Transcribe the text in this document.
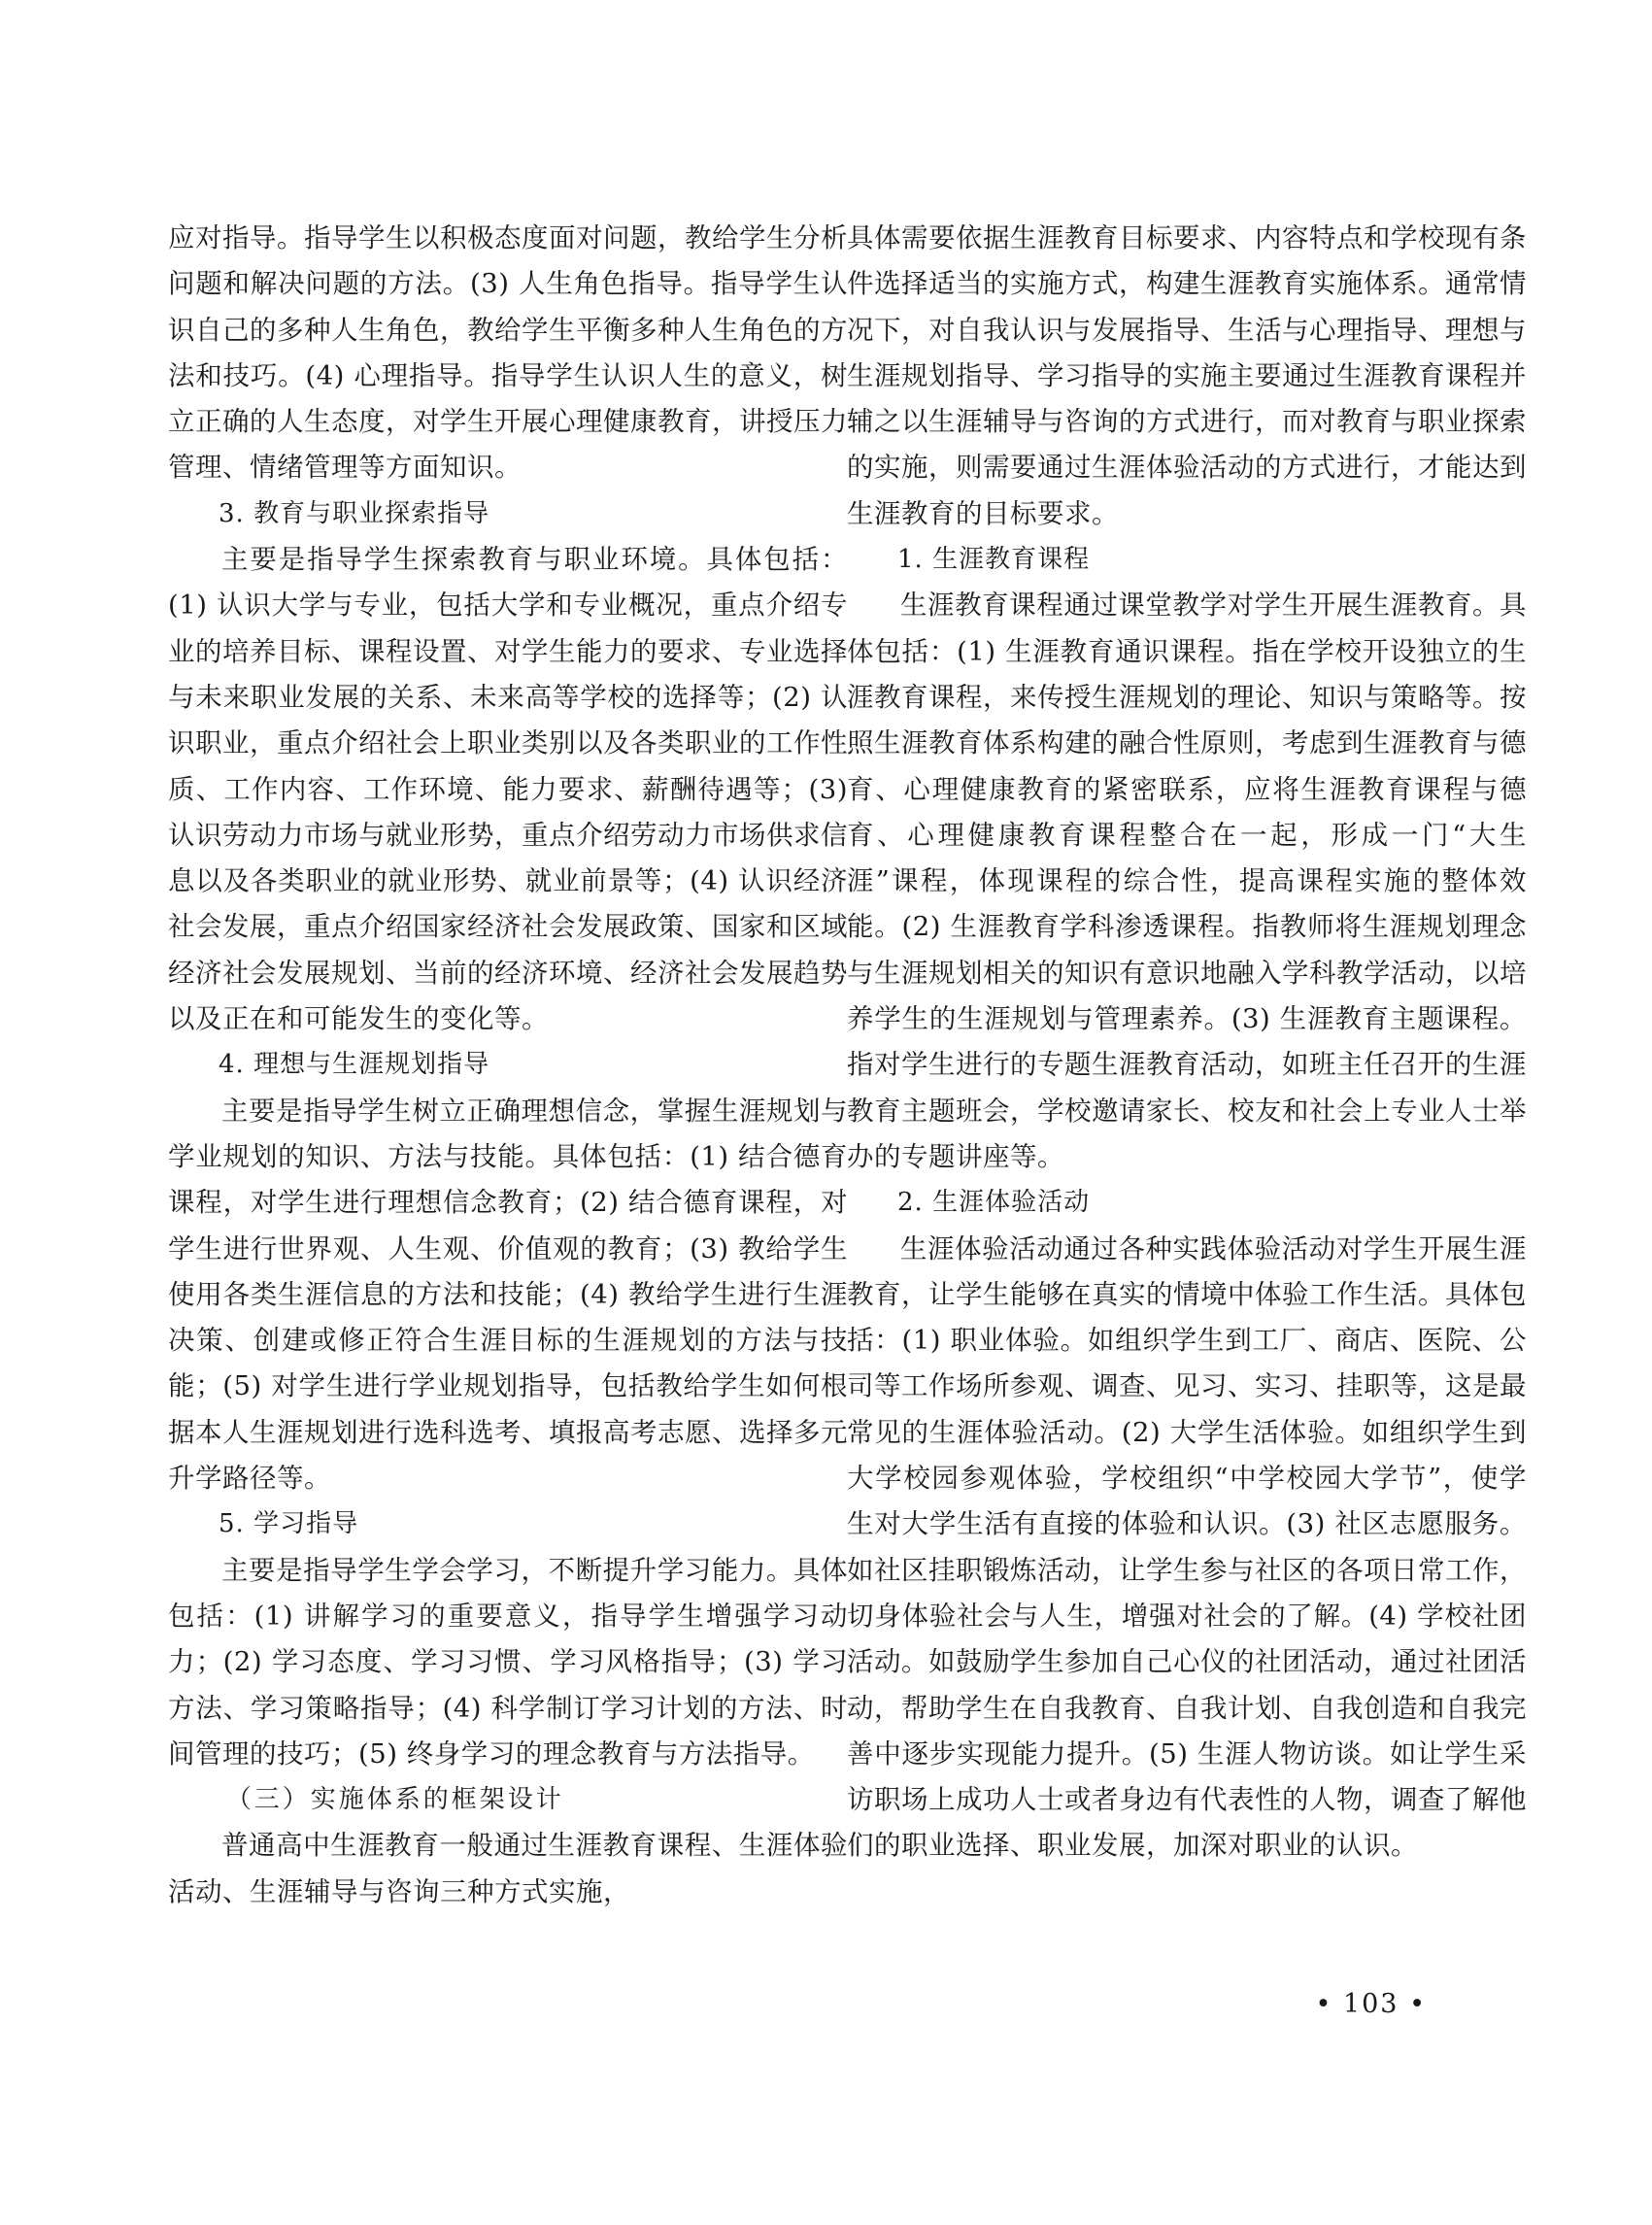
应对指导。指导学生以积极态度面对问题，教给学生分析问题和解决问题的方法。(3) 人生角色指导。指导学生认识自己的多种人生角色，教给学生平衡多种人生角色的方法和技巧。(4) 心理指导。指导学生认识人生的意义，树立正确的人生态度，对学生开展心理健康教育，讲授压力管理、情绪管理等方面知识。

3. 教育与职业探索指导

主要是指导学生探索教育与职业环境。具体包括：(1) 认识大学与专业，包括大学和专业概况，重点介绍专业的培养目标、课程设置、对学生能力的要求、专业选择与未来职业发展的关系、未来高等学校的选择等；(2) 认识职业，重点介绍社会上职业类别以及各类职业的工作性质、工作内容、工作环境、能力要求、薪酬待遇等；(3) 认识劳动力市场与就业形势，重点介绍劳动力市场供求信息以及各类职业的就业形势、就业前景等；(4) 认识经济社会发展，重点介绍国家经济社会发展政策、国家和区域经济社会发展规划、当前的经济环境、经济社会发展趋势以及正在和可能发生的变化等。

4. 理想与生涯规划指导

主要是指导学生树立正确理想信念，掌握生涯规划与学业规划的知识、方法与技能。具体包括：(1) 结合德育课程，对学生进行理想信念教育；(2) 结合德育课程，对学生进行世界观、人生观、价值观的教育；(3) 教给学生使用各类生涯信息的方法和技能；(4) 教给学生进行生涯决策、创建或修正符合生涯目标的生涯规划的方法与技能；(5) 对学生进行学业规划指导，包括教给学生如何根据本人生涯规划进行选科选考、填报高考志愿、选择多元升学路径等。

5. 学习指导

主要是指导学生学会学习，不断提升学习能力。具体包括：(1) 讲解学习的重要意义，指导学生增强学习动力；(2) 学习态度、学习习惯、学习风格指导；(3) 学习方法、学习策略指导；(4) 科学制订学习计划的方法、时间管理的技巧；(5) 终身学习的理念教育与方法指导。

（三）实施体系的框架设计

普通高中生涯教育一般通过生涯教育课程、生涯体验活动、生涯辅导与咨询三种方式实施，

具体需要依据生涯教育目标要求、内容特点和学校现有条件选择适当的实施方式，构建生涯教育实施体系。通常情况下，对自我认识与发展指导、生活与心理指导、理想与生涯规划指导、学习指导的实施主要通过生涯教育课程并辅之以生涯辅导与咨询的方式进行，而对教育与职业探索的实施，则需要通过生涯体验活动的方式进行，才能达到生涯教育的目标要求。

1. 生涯教育课程

生涯教育课程通过课堂教学对学生开展生涯教育。具体包括：(1) 生涯教育通识课程。指在学校开设独立的生涯教育课程，来传授生涯规划的理论、知识与策略等。按照生涯教育体系构建的融合性原则，考虑到生涯教育与德育、心理健康教育的紧密联系，应将生涯教育课程与德育、心理健康教育课程整合在一起，形成一门“大生涯”课程，体现课程的综合性，提高课程实施的整体效能。(2) 生涯教育学科渗透课程。指教师将生涯规划理念与生涯规划相关的知识有意识地融入学科教学活动，以培养学生的生涯规划与管理素养。(3) 生涯教育主题课程。指对学生进行的专题生涯教育活动，如班主任召开的生涯教育主题班会，学校邀请家长、校友和社会上专业人士举办的专题讲座等。

2. 生涯体验活动

生涯体验活动通过各种实践体验活动对学生开展生涯教育，让学生能够在真实的情境中体验工作生活。具体包括：(1) 职业体验。如组织学生到工厂、商店、医院、公司等工作场所参观、调查、见习、实习、挂职等，这是最常见的生涯体验活动。(2) 大学生活体验。如组织学生到大学校园参观体验，学校组织“中学校园大学节”，使学生对大学生活有直接的体验和认识。(3) 社区志愿服务。如社区挂职锻炼活动，让学生参与社区的各项日常工作，切身体验社会与人生，增强对社会的了解。(4) 学校社团活动。如鼓励学生参加自己心仪的社团活动，通过社团活动，帮助学生在自我教育、自我计划、自我创造和自我完善中逐步实现能力提升。(5) 生涯人物访谈。如让学生采访职场上成功人士或者身边有代表性的人物，调查了解他们的职业选择、职业发展，加深对职业的认识。

• 103 •
